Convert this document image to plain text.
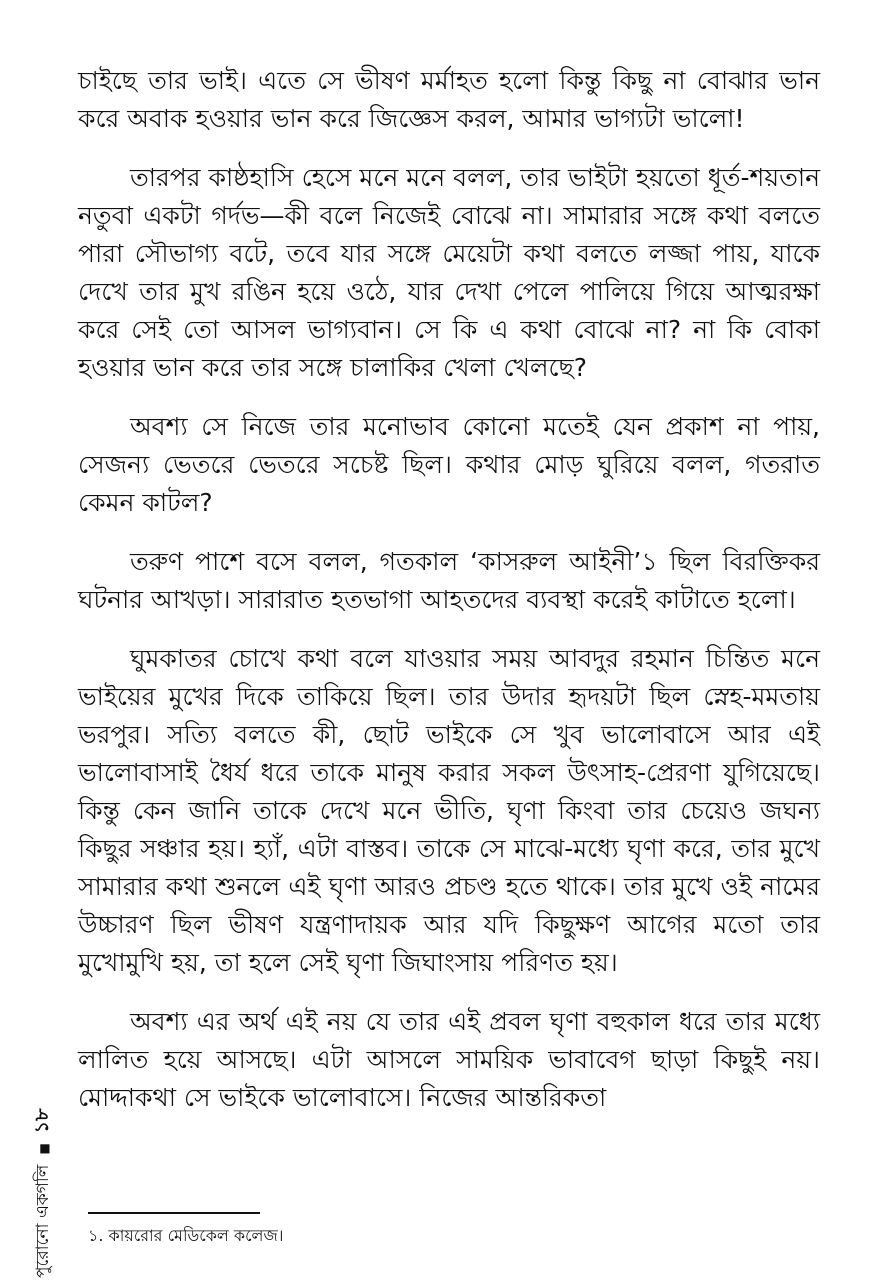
চাইছে তার ভাই। এতে সে ভীষণ মর্মাহত হলো কিন্তু কিছু না বোঝার ভান করে অবাক হওয়ার ভান করে জিজ্ঞেস করল, আমার ভাগ্যটা ভালো!

তারপর কাষ্ঠহাসি হেসে মনে মনে বলল, তার ভাইটা হয়তো ধূর্ত-শয়তান নতুবা একটা গর্দভ—কী বলে নিজেই বোঝে না। সামারার সঙ্গে কথা বলতে পারা সৌভাগ্য বটে, তবে যার সঙ্গে মেয়েটা কথা বলতে লজ্জা পায়, যাকে দেখে তার মুখ রঙিন হয়ে ওঠে, যার দেখা পেলে পালিয়ে গিয়ে আত্মরক্ষা করে সেই তো আসল ভাগ্যবান। সে কি এ কথা বোঝে না? না কি বোকা হওয়ার ভান করে তার সঙ্গে চালাকির খেলা খেলছে?

অবশ্য সে নিজে তার মনোভাব কোনো মতেই যেন প্রকাশ না পায়, সেজন্য ভেতরে ভেতরে সচেষ্ট ছিল। কথার মোড় ঘুরিয়ে বলল, গতরাত কেমন কাটল?

তরুণ পাশে বসে বলল, গতকাল ‘কাসরুল আইনী’১ ছিল বিরক্তিকর ঘটনার আখড়া। সারারাত হতভাগা আহতদের ব্যবস্থা করেই কাটাতে হলো।

ঘুমকাতর চোখে কথা বলে যাওয়ার সময় আবদুর রহমান চিন্তিত মনে ভাইয়ের মুখের দিকে তাকিয়ে ছিল। তার উদার হৃদয়টা ছিল স্নেহ-মমতায় ভরপুর। সত্যি বলতে কী, ছোট ভাইকে সে খুব ভালোবাসে আর এই ভালোবাসাই ধৈর্য ধরে তাকে মানুষ করার সকল উৎসাহ-প্রেরণা যুগিয়েছে। কিন্তু কেন জানি তাকে দেখে মনে ভীতি, ঘৃণা কিংবা তার চেয়েও জঘন্য কিছুর সঞ্চার হয়। হ্যাঁ, এটা বাস্তব। তাকে সে মাঝে-মধ্যে ঘৃণা করে, তার মুখে সামারার কথা শুনলে এই ঘৃণা আরও প্রচণ্ড হতে থাকে। তার মুখে ওই নামের উচ্চারণ ছিল ভীষণ যন্ত্রণাদায়ক আর যদি কিছুক্ষণ আগের মতো তার মুখোমুখি হয়, তা হলে সেই ঘৃণা জিঘাংসায় পরিণত হয়।

অবশ্য এর অর্থ এই নয় যে তার এই প্রবল ঘৃণা বহুকাল ধরে তার মধ্যে লালিত হয়ে আসছে। এটা আসলে সাময়িক ভাবাবেগ ছাড়া কিছুই নয়। মোদ্দাকথা সে ভাইকে ভালোবাসে। নিজের আন্তরিকতা

১. কায়রোর মেডিকেল কলেজ।
পুরোনো একগলি
■
১৮
